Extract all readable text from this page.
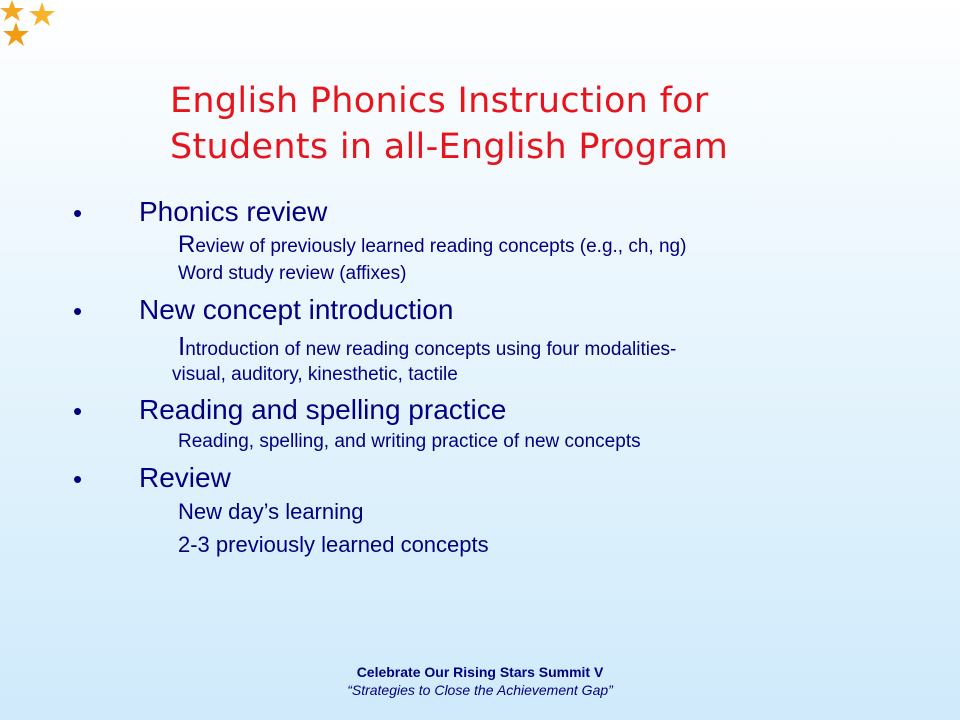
English Phonics Instruction for
Students in all-English Program
• Phonics review
Review of previously learned reading concepts (e.g., ch, ng)
Word study review (affixes)
• New concept introduction
Introduction of new reading concepts using four modalities-
visual, auditory, kinesthetic, tactile
• Reading and spelling practice
Reading, spelling, and writing practice of new concepts
• Review
New day’s learning
2-3 previously learned concepts
Celebrate Our Rising Stars Summit V
“Strategies to Close the Achievement Gap”
